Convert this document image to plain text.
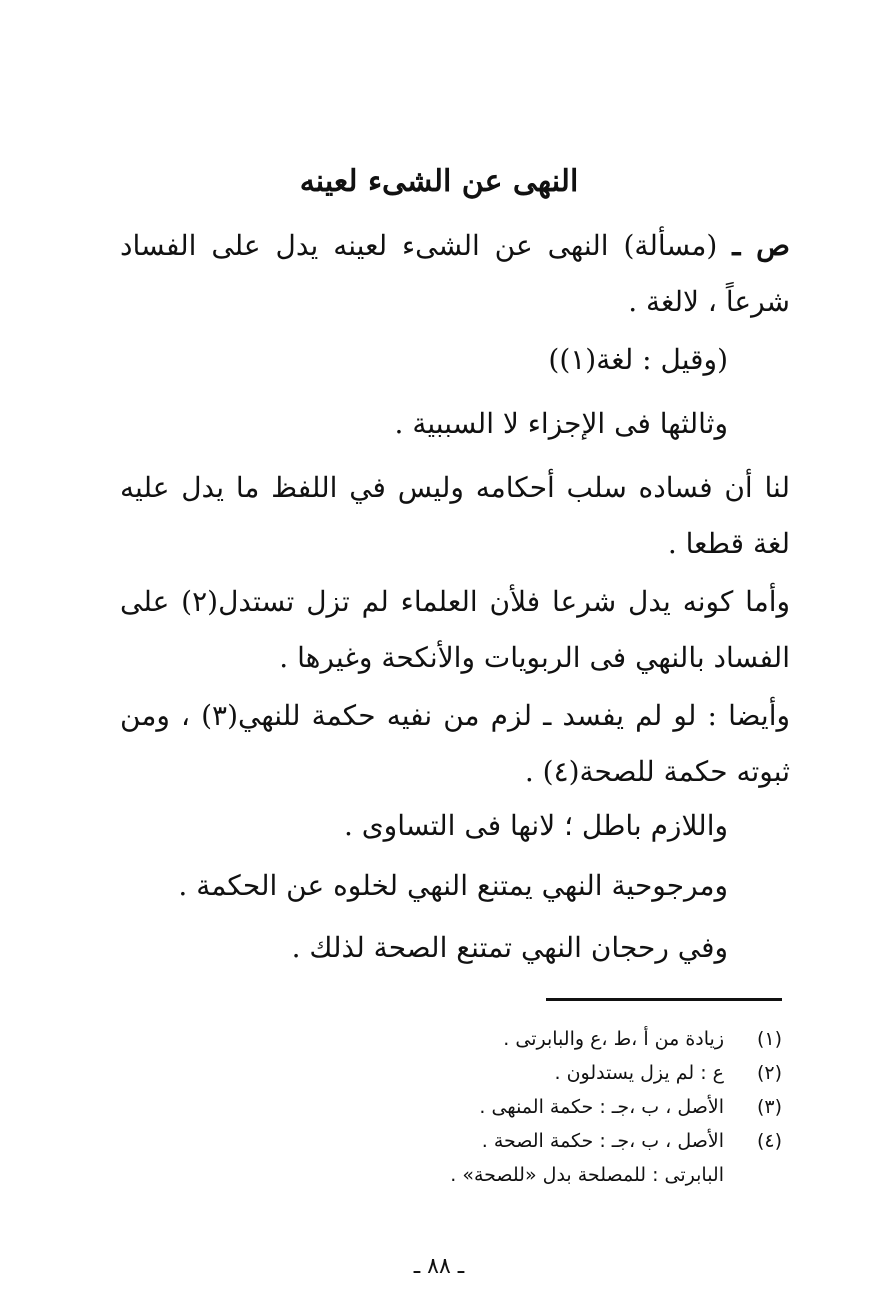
النهى عن الشىء لعينه
ص ـ (مسألة) النهى عن الشىء لعينه يدل على الفساد شرعاً ، لالغة .
(وقيل : لغة(١))
وثالثها فى الإجزاء لا السببية .
لنا أن فساده سلب أحكامه وليس في اللفظ ما يدل عليه لغة قطعا .
وأما كونه يدل شرعا فلأن العلماء لم تزل تستدل(٢) على الفساد بالنهي فى الربويات والأنكحة وغيرها .
وأيضا : لو لم يفسد ـ لزم من نفيه حكمة للنهي(٣) ، ومن ثبوته حكمة للصحة(٤) .
واللازم باطل ؛ لانها فى التساوى .
ومرجوحية النهي يمتنع النهي لخلوه عن الحكمة .
وفي رحجان النهي تمتنع الصحة لذلك .
(١)
زيادة من أ ،ط ،ع والبابرتى .
(٢)
ع : لم يزل يستدلون .
(٣)
الأصل ، ب ،جـ : حكمة المنهى .
(٤)
الأصل ، ب ،جـ : حكمة الصحة .
البابرتى : للمصلحة بدل «للصحة» .
ـ ٨٨ ـ
